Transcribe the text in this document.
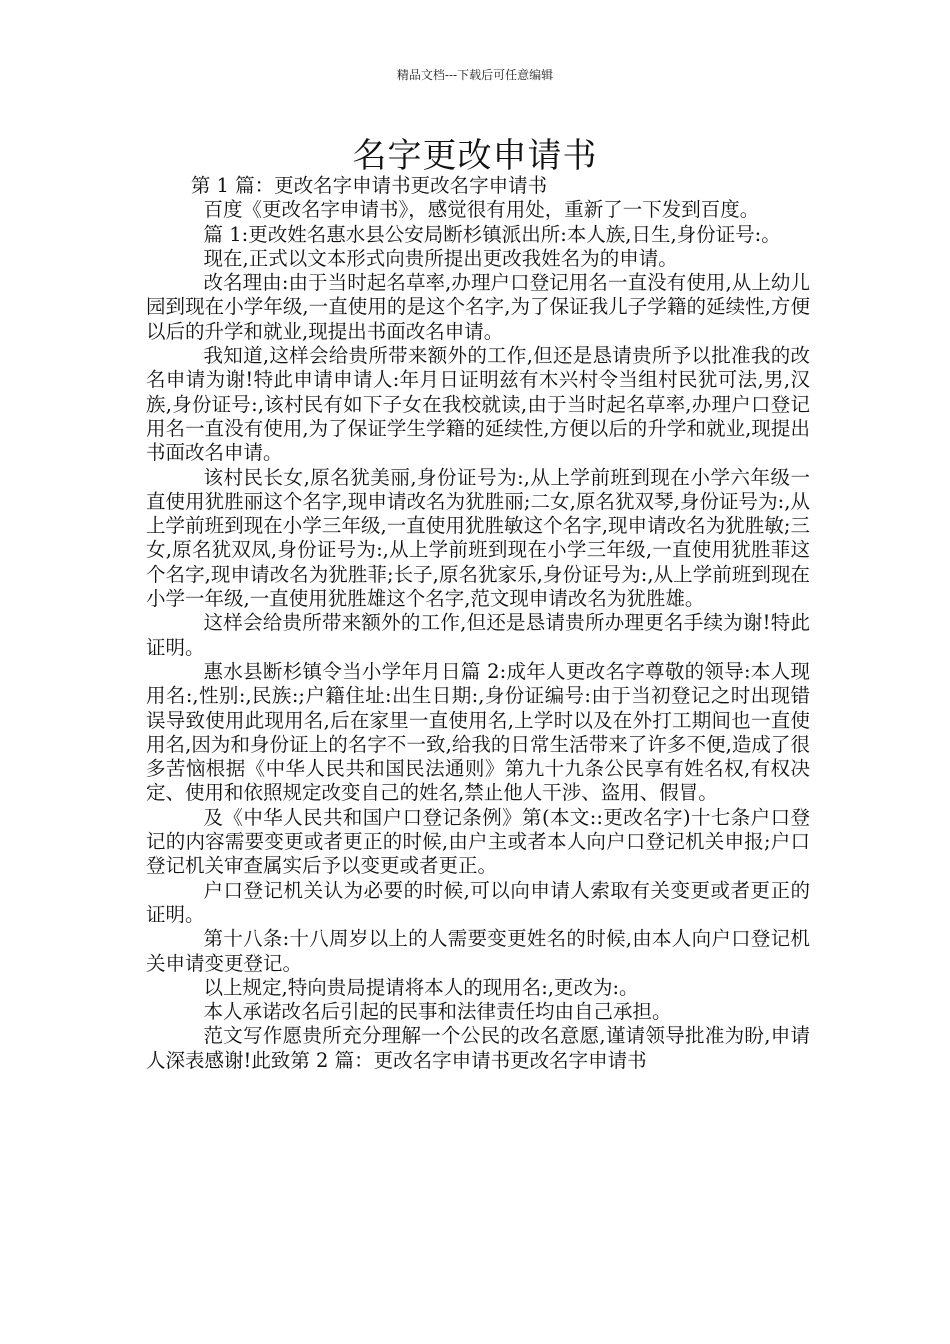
精品文档---下载后可任意编辑
名字更改申请书

第 1 篇：更改名字申请书更改名字申请书

百度《更改名字申请书》，感觉很有用处，重新了一下发到百度。

篇 1:更改姓名惠水县公安局断杉镇派出所:本人族,日生,身份证号:。

现在,正式以文本形式向贵所提出更改我姓名为的申请。

改名理由:由于当时起名草率,办理户口登记用名一直没有使用,从上幼儿园到现在小学年级,一直使用的是这个名字,为了保证我儿子学籍的延续性,方便以后的升学和就业,现提出书面改名申请。

我知道,这样会给贵所带来额外的工作,但还是恳请贵所予以批准我的改名申请为谢!特此申请申请人:年月日证明兹有木兴村令当组村民犹可法,男,汉族,身份证号:,该村民有如下子女在我校就读,由于当时起名草率,办理户口登记用名一直没有使用,为了保证学生学籍的延续性,方便以后的升学和就业,现提出书面改名申请。

该村民长女,原名犹美丽,身份证号为:,从上学前班到现在小学六年级一直使用犹胜丽这个名字,现申请改名为犹胜丽;二女,原名犹双琴,身份证号为:,从上学前班到现在小学三年级,一直使用犹胜敏这个名字,现申请改名为犹胜敏;三女,原名犹双凤,身份证号为:,从上学前班到现在小学三年级,一直使用犹胜菲这个名字,现申请改名为犹胜菲;长子,原名犹家乐,身份证号为:,从上学前班到现在小学一年级,一直使用犹胜雄这个名字,范文现申请改名为犹胜雄。

这样会给贵所带来额外的工作,但还是恳请贵所办理更名手续为谢!特此证明。

惠水县断杉镇令当小学年月日篇 2:成年人更改名字尊敬的领导:本人现用名:,性别:,民族:;户籍住址:出生日期:,身份证编号:由于当初登记之时出现错误导致使用此现用名,后在家里一直使用名,上学时以及在外打工期间也一直使用名,因为和身份证上的名字不一致,给我的日常生活带来了许多不便,造成了很多苦恼根据《中华人民共和国民法通则》第九十九条公民享有姓名权,有权决定、使用和依照规定改变自己的姓名,禁止他人干涉、盗用、假冒。

及《中华人民共和国户口登记条例》第(本文::更改名字)十七条户口登记的内容需要变更或者更正的时候,由户主或者本人向户口登记机关申报;户口登记机关审查属实后予以变更或者更正。

户口登记机关认为必要的时候,可以向申请人索取有关变更或者更正的证明。

第十八条:十八周岁以上的人需要变更姓名的时候,由本人向户口登记机关申请变更登记。

以上规定,特向贵局提请将本人的现用名:,更改为:。

本人承诺改名后引起的民事和法律责任均由自己承担。

范文写作愿贵所充分理解一个公民的改名意愿,谨请领导批准为盼,申请人深表感谢!此致第 2 篇：更改名字申请书更改名字申请书
